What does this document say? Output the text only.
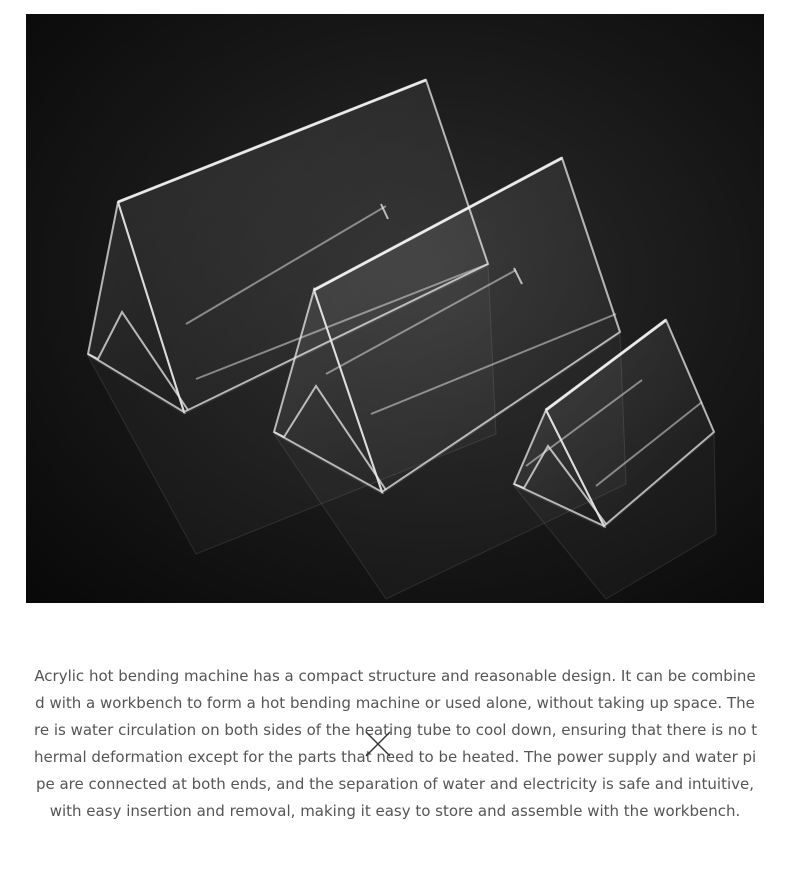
Acrylic hot bending machine has a compact structure and reasonable design. It can be combine
d with a workbench to form a hot bending machine or used alone, without taking up space. The
re is water circulation on both sides of the heating tube to cool down, ensuring that there is no t
hermal deformation except for the parts that need to be heated. The power supply and water pi
pe are connected at both ends, and the separation of water and electricity is safe and intuitive,
with easy insertion and removal, making it easy to store and assemble with the workbench.
